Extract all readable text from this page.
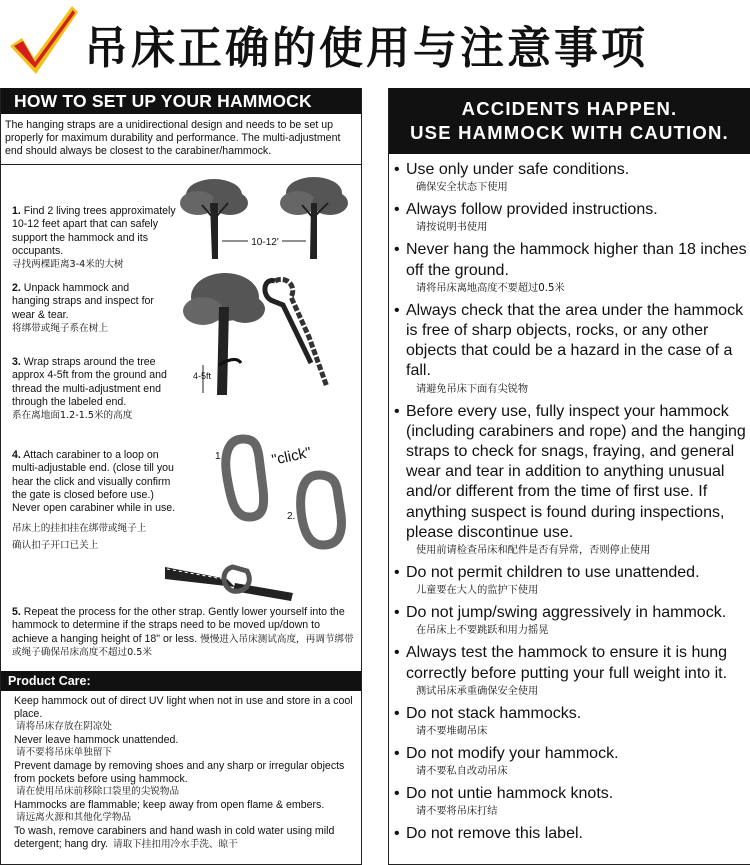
吊床正确的使用与注意事项
HOW TO SET UP YOUR HAMMOCK
The hanging straps are a unidirectional design and needs to be set up properly for maximum durability and performance. The multi-adjustment end should always be closest to the carabiner/hammock.
1. Find 2 living trees approximately 10-12 feet apart that can safely support the hammock and its occupants.
寻找两棵距离3-4米的大树
2. Unpack hammock and hanging straps and inspect for wear & tear.
将绑带或绳子系在树上
3. Wrap straps around the tree approx 4-5ft from the ground and thread the multi-adjustment end through the labeled end.
系在离地面1.2-1.5米的高度
4. Attach carabiner to a loop on multi-adjustable end. (close till you hear the click and visually confirm the gate is closed before use.) Never open carabiner while in use.

吊床上的挂扣挂在绑带或绳子上确认扣子开口已关上
5. Repeat the process for the other strap. Gently lower yourself into the hammock to determine if the straps need to be moved up/down to achieve a hanging height of 18" or less. 慢慢进入吊床测试高度，再调节绑带或绳子确保吊床高度不超过0.5米
10-12'
4-5ft
1.	"click"
2.
Product Care:
Keep hammock out of direct UV light when not in use and store in a cool place.
请将吊床存放在阴凉处
Never leave hammock unattended.
请不要将吊床单独留下
Prevent damage by removing shoes and any sharp or irregular objects from pockets before using hammock.
请在使用吊床前移除口袋里的尖锐物品
Hammocks are flammable; keep away from open flame & embers.
请远离火源和其他化学物品
To wash, remove carabiners and hand wash in cold water using mild detergent; hang dry. 请取下挂扣用冷水手洗、晾干
ACCIDENTS HAPPEN.
USE HAMMOCK WITH CAUTION.
• Use only under safe conditions.
确保安全状态下使用
• Always follow provided instructions.
请按说明书使用
• Never hang the hammock higher than 18 inches off the ground.
请将吊床离地高度不要超过0.5米
• Always check that the area under the hammock is free of sharp objects, rocks, or any other objects that could be a hazard in the case of a fall.
请避免吊床下面有尖锐物
• Before every use, fully inspect your hammock (including carabiners and rope) and the hanging straps to check for snags, fraying, and general wear and tear in addition to anything unusual and/or different from the time of first use. If anything suspect is found during inspections, please discontinue use.
使用前请检查吊床和配件是否有异常，否则停止使用
• Do not permit children to use unattended.
儿童要在大人的监护下使用
• Do not jump/swing aggressively in hammock.
在吊床上不要跳跃和用力摇晃
• Always test the hammock to ensure it is hung correctly before putting your full weight into it.
测试吊床承重确保安全使用
• Do not stack hammocks.
请不要堆砌吊床
• Do not modify your hammock.
请不要私自改动吊床
• Do not untie hammock knots.
请不要将吊床打结
• Do not remove this label.
